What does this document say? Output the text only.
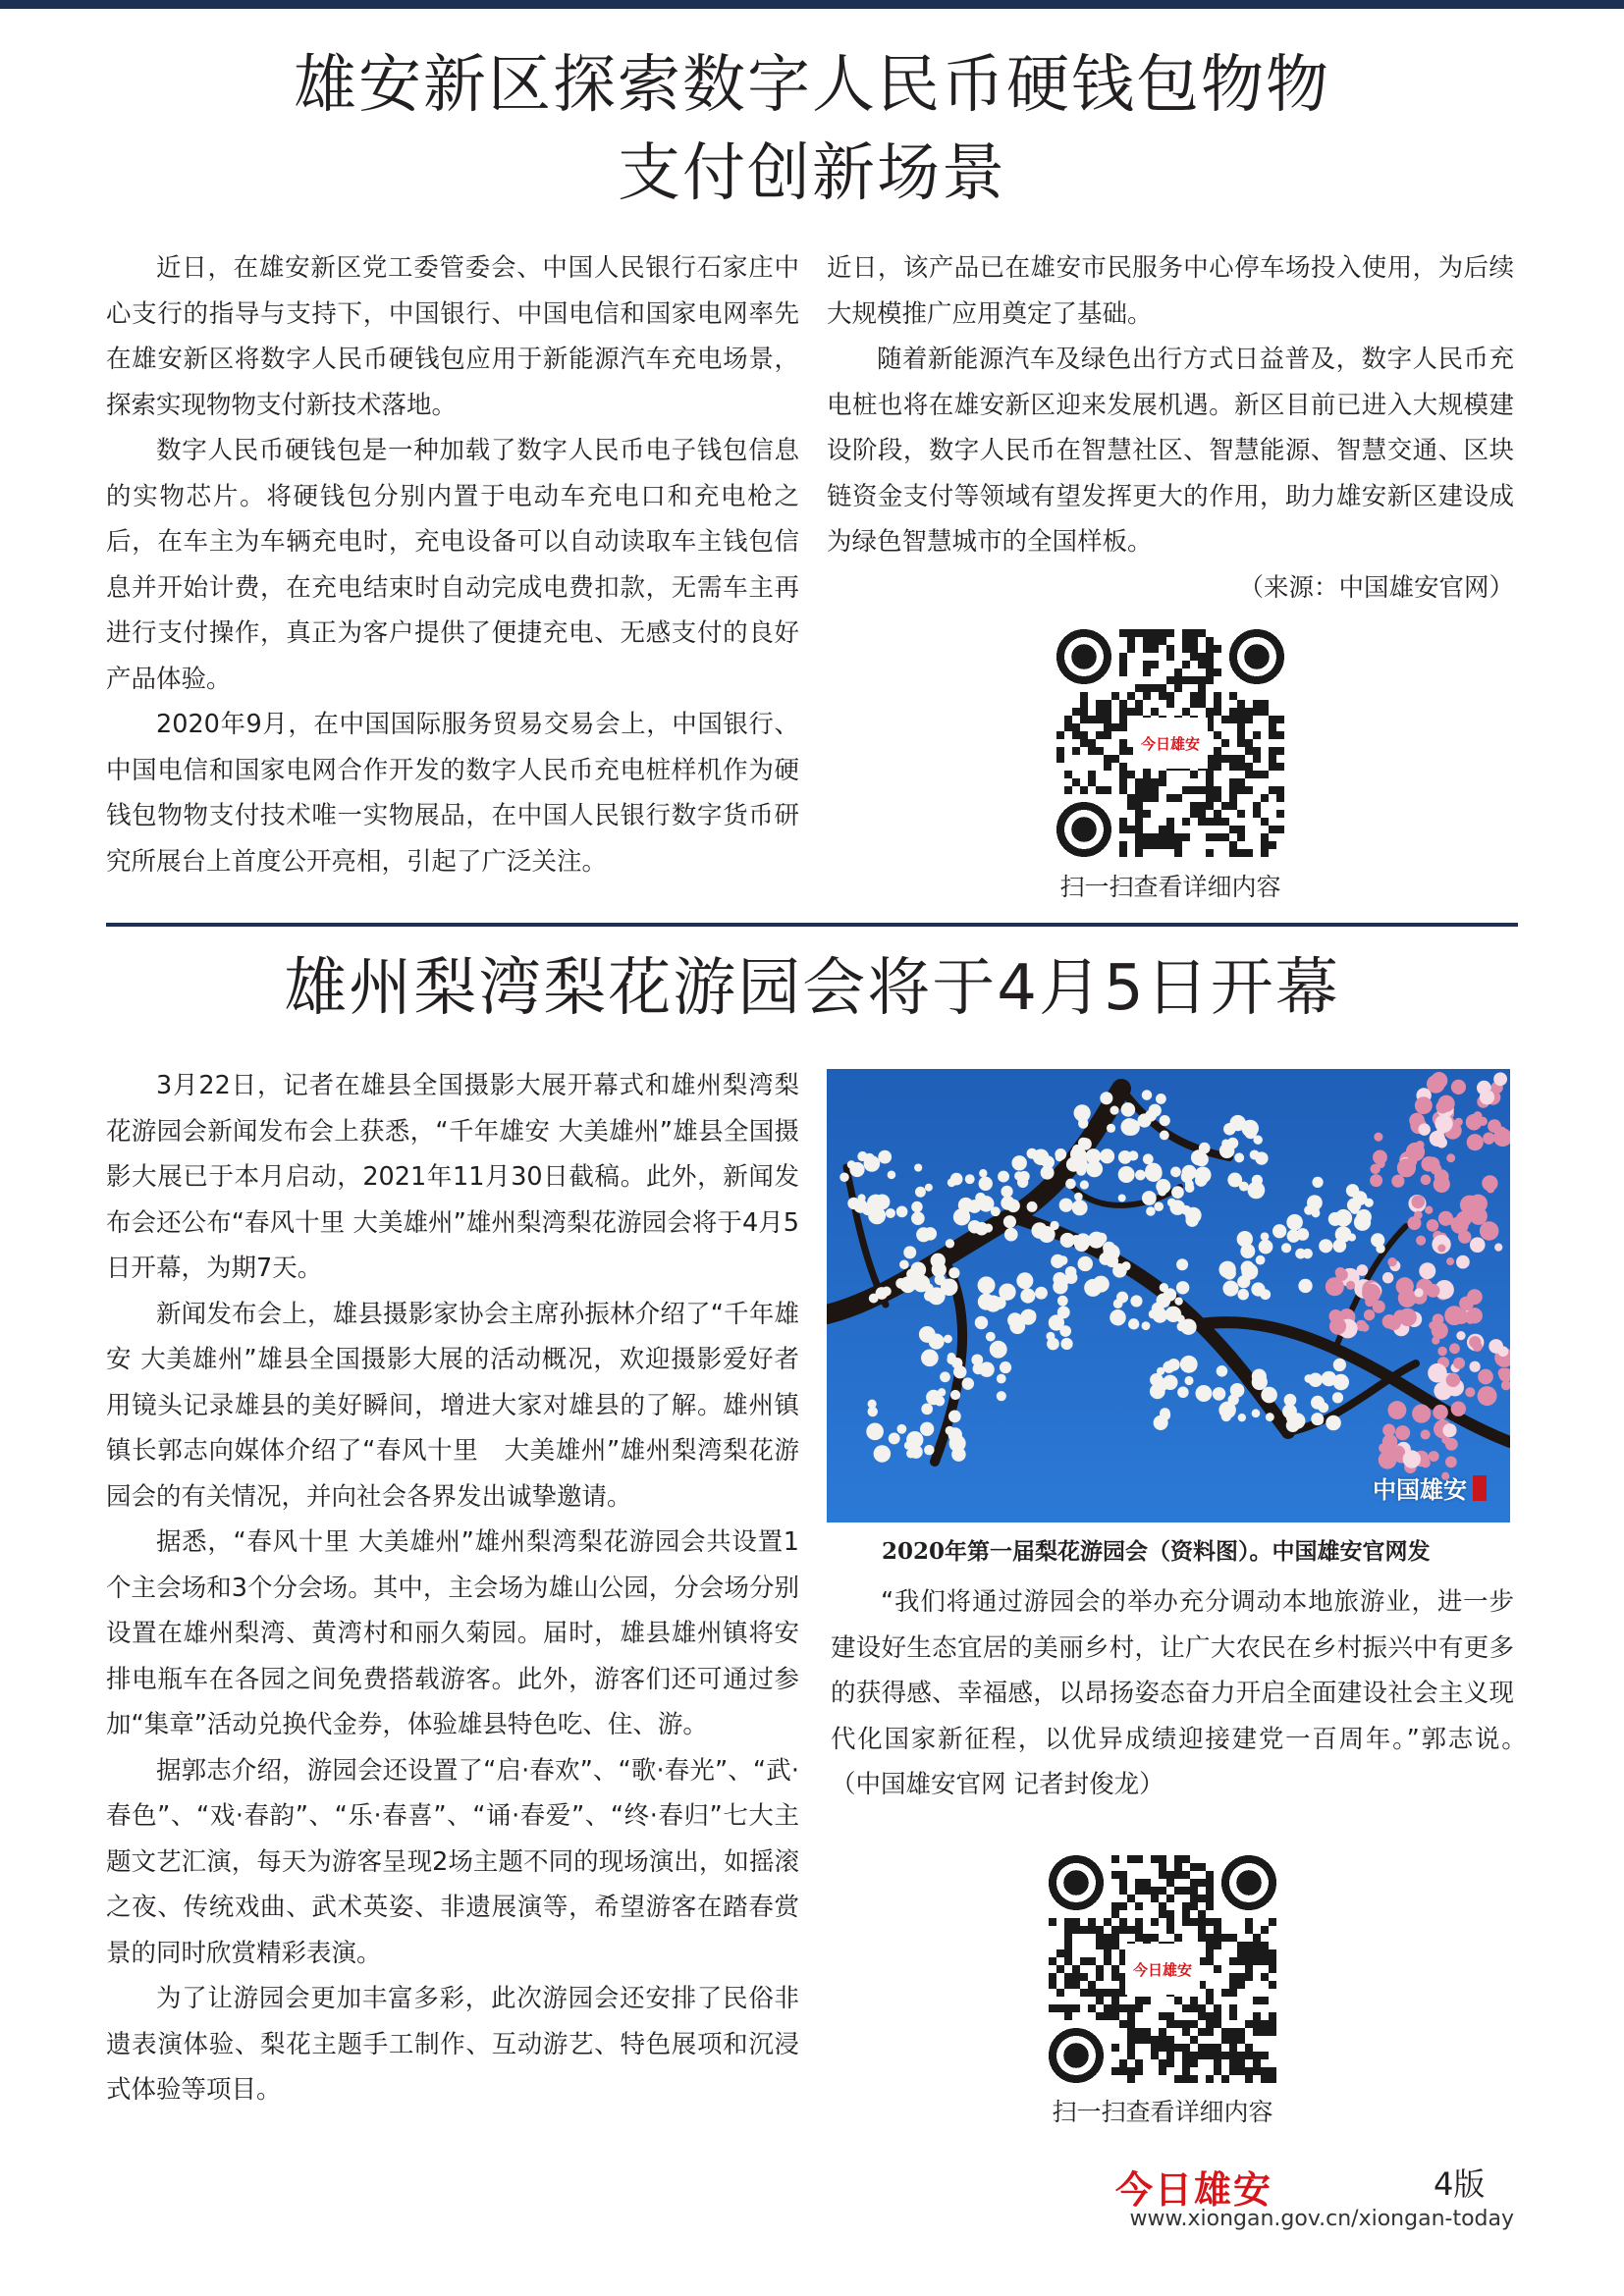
雄安新区探索数字人民币硬钱包物物
支付创新场景

近日，在雄安新区党工委管委会、中国人民银行石家庄中心支行的指导与支持下，中国银行、中国电信和国家电网率先在雄安新区将数字人民币硬钱包应用于新能源汽车充电场景，探索实现物物支付新技术落地。

数字人民币硬钱包是一种加载了数字人民币电子钱包信息的实物芯片。将硬钱包分别内置于电动车充电口和充电枪之后，在车主为车辆充电时，充电设备可以自动读取车主钱包信息并开始计费，在充电结束时自动完成电费扣款，无需车主再进行支付操作，真正为客户提供了便捷充电、无感支付的良好产品体验。

2020年9月，在中国国际服务贸易交易会上，中国银行、中国电信和国家电网合作开发的数字人民币充电桩样机作为硬钱包物物支付技术唯一实物展品，在中国人民银行数字货币研究所展台上首度公开亮相，引起了广泛关注。

近日，该产品已在雄安市民服务中心停车场投入使用，为后续大规模推广应用奠定了基础。

随着新能源汽车及绿色出行方式日益普及，数字人民币充电桩也将在雄安新区迎来发展机遇。新区目前已进入大规模建设阶段，数字人民币在智慧社区、智慧能源、智慧交通、区块链资金支付等领域有望发挥更大的作用，助力雄安新区建设成为绿色智慧城市的全国样板。

（来源：中国雄安官网）

今日雄安
扫一扫查看详细内容
雄州梨湾梨花游园会将于4月5日开幕

3月22日，记者在雄县全国摄影大展开幕式和雄州梨湾梨花游园会新闻发布会上获悉，“千年雄安 大美雄州”雄县全国摄影大展已于本月启动，2021年11月30日截稿。此外，新闻发布会还公布“春风十里 大美雄州”雄州梨湾梨花游园会将于4月5日开幕，为期7天。

新闻发布会上，雄县摄影家协会主席孙振林介绍了“千年雄安 大美雄州”雄县全国摄影大展的活动概况，欢迎摄影爱好者用镜头记录雄县的美好瞬间，增进大家对雄县的了解。雄州镇镇长郭志向媒体介绍了“春风十里　大美雄州”雄州梨湾梨花游园会的有关情况，并向社会各界发出诚挚邀请。

据悉，“春风十里 大美雄州”雄州梨湾梨花游园会共设置1个主会场和3个分会场。其中，主会场为雄山公园，分会场分别设置在雄州梨湾、黄湾村和丽久菊园。届时，雄县雄州镇将安排电瓶车在各园之间免费搭载游客。此外，游客们还可通过参加“集章”活动兑换代金券，体验雄县特色吃、住、游。

据郭志介绍，游园会还设置了“启·春欢”、“歌·春光”、“武·春色”、“戏·春韵”、“乐·春喜”、“诵·春爱”、“终·春归”七大主题文艺汇演，每天为游客呈现2场主题不同的现场演出，如摇滚之夜、传统戏曲、武术英姿、非遗展演等，希望游客在踏春赏景的同时欣赏精彩表演。

为了让游园会更加丰富多彩，此次游园会还安排了民俗非遗表演体验、梨花主题手工制作、互动游艺、特色展项和沉浸式体验等项目。

中国雄安
2020年第一届梨花游园会（资料图）。中国雄安官网发

“我们将通过游园会的举办充分调动本地旅游业，进一步建设好生态宜居的美丽乡村，让广大农民在乡村振兴中有更多的获得感、幸福感，以昂扬姿态奋力开启全面建设社会主义现代化国家新征程，以优异成绩迎接建党一百周年。”郭志说。　　（中国雄安官网 记者封俊龙）

今日雄安
扫一扫查看详细内容
今日雄安	4版
www.xiongan.gov.cn/xiongan-today
